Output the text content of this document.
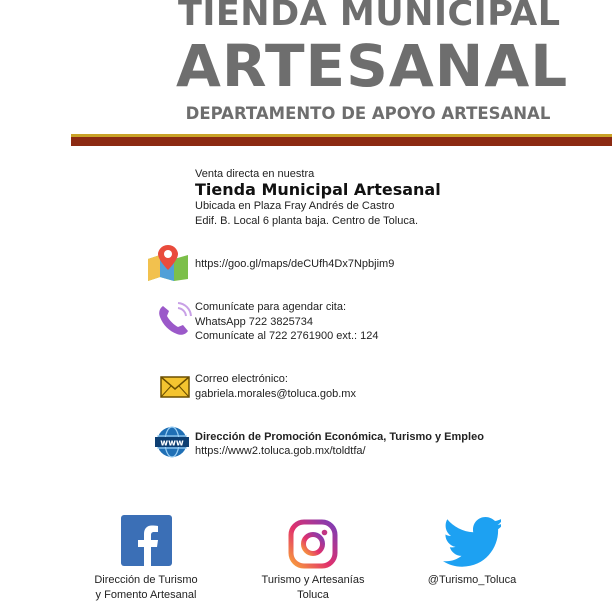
TIENDA MUNICIPAL
ARTESANAL
DEPARTAMENTO DE APOYO ARTESANAL
Venta directa en nuestra
Tienda Municipal Artesanal
Ubicada en Plaza Fray Andrés de Castro
Edif. B. Local 6 planta baja. Centro de Toluca.
https://goo.gl/maps/deCUfh4Dx7Npbjim9
Comunícate para agendar cita:
WhatsApp 722 3825734
Comunícate al 722 2761900 ext.: 124
Correo electrónico:
gabriela.morales@toluca.gob.mx
www
Dirección de Promoción Económica, Turismo y Empleo
https://www2.toluca.gob.mx/toldtfa/
Dirección de Turismo
y Fomento Artesanal
Turismo y Artesanías
Toluca
@Turismo_Toluca
